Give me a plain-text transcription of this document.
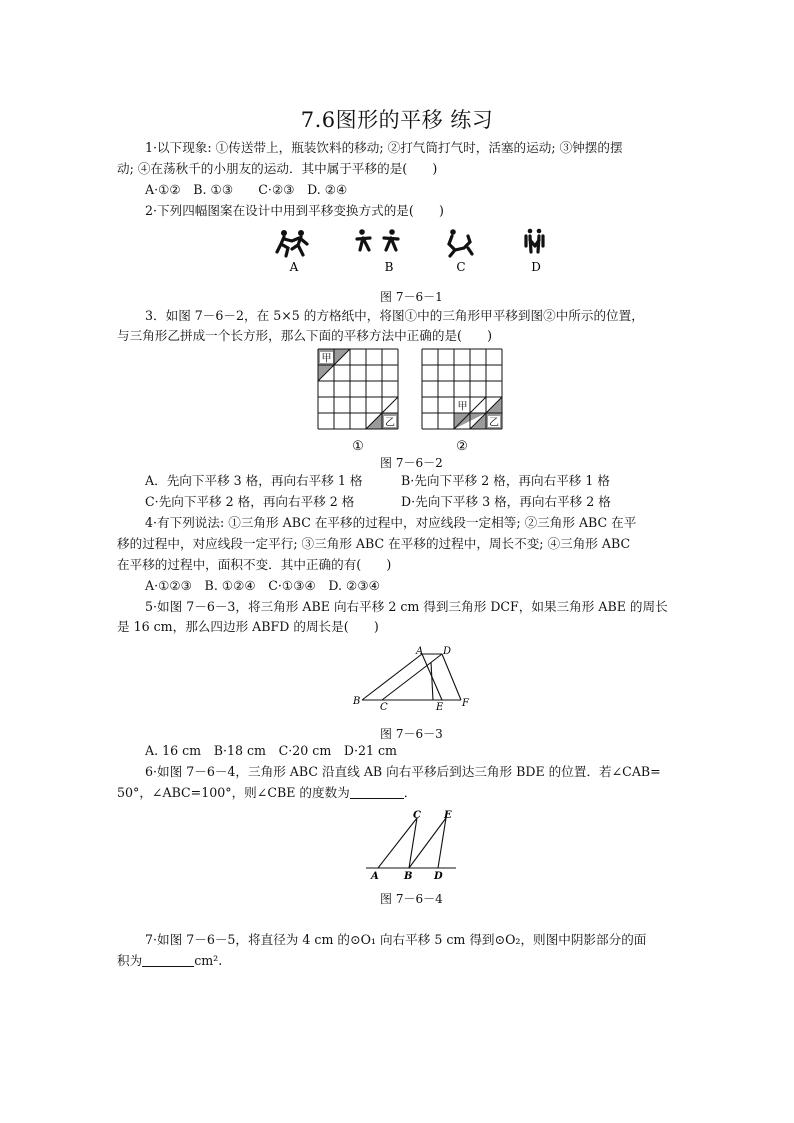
7.6图形的平移 练习
1·以下现象: ①传送带上，瓶装饮料的移动; ②打气筒打气时，活塞的运动; ③钟摆的摆
动; ④在荡秋千的小朋友的运动．其中属于平移的是(　　)
A·①②　B. ①③　　C·②③　D. ②④
2·下列四幅图案在设计中用到平移变换方式的是(　　)
A	B	C	D
图 7－6－1
3．如图 7－6－2，在 5×5 的方格纸中，将图①中的三角形甲平移到图②中所示的位置，
与三角形乙拼成一个长方形，那么下面的平移方法中正确的是(　　)
甲
乙
①
甲
乙
②
图 7－6－2
A．先向下平移 3 格，再向右平移 1 格	B·先向下平移 2 格，再向右平移 1 格
C·先向下平移 2 格，再向右平移 2 格	D·先向下平移 3 格，再向右平移 2 格
4·有下列说法: ①三角形 ABC 在平移的过程中，对应线段一定相等; ②三角形 ABC 在平
移的过程中，对应线段一定平行; ③三角形 ABC 在平移的过程中，周长不变; ④三角形 ABC
在平移的过程中，面积不变．其中正确的有(　　)
A·①②③　B. ①②④　C·①③④　D. ②③④
5·如图 7－6－3，将三角形 ABE 向右平移 2 cm 得到三角形 DCF，如果三角形 ABE 的周长
是 16 cm，那么四边形 ABFD 的周长是(　　)
A D
B
C	E F
图 7－6－3
A. 16 cm　B·18 cm　C·20 cm　D·21 cm
6·如图 7－6－4，三角形 ABC 沿直线 AB 向右平移后到达三角形 BDE 的位置．若∠CAB=
50°，∠ABC=100°，则∠CBE 的度数为	．
C E
A	B D
图 7－6－4
7·如图 7－6－5，将直径为 4 cm 的⊙O₁ 向右平移 5 cm 得到⊙O₂，则图中阴影部分的面
积为	cm².
